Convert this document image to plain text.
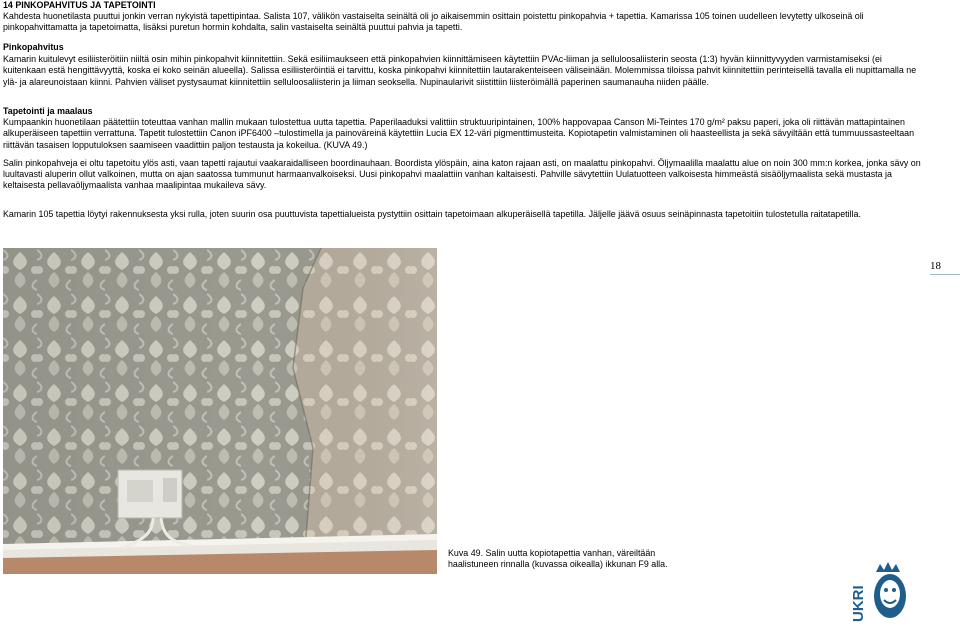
14 PINKOPAHVITUS JA TAPETOINTI

Kahdesta huonetilasta puuttui jonkin verran nykyistä tapettipintaa. Salista 107, välikön vastaiselta seinältä oli jo aikaisemmin osittain poistettu pinkopahvia + tapettia. Kamarissa 105 toinen uudelleen levytetty ulkoseinä oli pinkopahvittamatta ja tapetoimatta, lisäksi puretun hormin kohdalta, salin vastaiselta seinältä puuttui pahvia ja tapetti.

Pinkopahvitus

Kamarin kuitulevyt esiliisteröitiin niiltä osin mihin pinkopahvit kiinnitettiin. Sekä esiliimaukseen että pinkopahvien kiinnittämiseen käytettiin PVAc-liiman ja selluloosaliisterin seosta (1:3) hyvän kiinnittyvyyden varmistamiseksi (ei kuitenkaan estä hengittävyyttä, koska ei koko seinän alueella). Salissa esiliisteröintiä ei tarvittu, koska pinkopahvi kiinnitettiin lautarakenteiseen väliseinään. Molemmissa tiloissa pahvit kiinnitettiin perinteisellä tavalla eli nupittamalla ne ylä- ja alareunoistaan kiinni. Pahvien väliset pystysaumat kiinnitettiin selluloosaliisterin ja liiman seoksella. Nupinaularivit siistittiin liisteröimällä paperinen saumanauha niiden päälle.

Tapetointi ja maalaus

Kumpaankin huonetilaan päätettiin toteuttaa vanhan mallin mukaan tulostettua uutta tapettia. Paperilaaduksi valittiin struktuuripintainen, 100% happovapaa Canson Mi-Teintes 170 g/m² paksu paperi, joka oli riittävän mattapintainen alkuperäiseen tapettiin verrattuna. Tapetit tulostettiin Canon iPF6400 –tulostimella ja painoväreinä käytettiin Lucia EX 12-väri pigmenttimusteita. Kopiotapetin valmistaminen oli haasteellista ja sekä sävyiltään että tummuussasteeltaan riittävän tasaisen lopputuloksen saamiseen vaadittiin paljon testausta ja kokeilua. (KUVA 49.)

Salin pinkopahveja ei oltu tapetoitu ylös asti, vaan tapetti rajautui vaakaraidalliseen boordinauhaan. Boordista ylöspäin, aina katon rajaan asti, on maalattu pinkopahvi. Öljymaalilla maalattu alue on noin 300 mm:n korkea, jonka sävy on luultavasti aluperin ollut valkoinen, mutta on ajan saatossa tummunut harmaanvalkoiseksi. Uusi pinkopahvi maalattiin vanhan kaltaisesti. Pahville sävytettiin Uulatuotteen valkoisesta himmeästä sisäöljymaalista sekä mustasta ja keltaisesta pellavaöljymaalista vanhaa maalipintaa mukaileva sävy.

Kamarin 105 tapettia löytyi rakennuksesta yksi rulla, joten suurin osa puuttuvista tapettialueista pystyttiin osittain tapetoimaan alkuperäisellä tapetilla. Jäljelle jäävä osuus seinäpinnasta tapetoitiin tulostetulla raitatapetilla.

Kuva 49. Salin uutta kopiotapettia vanhan, väreiltään haalistuneen rinnalla (kuvassa oikealla) ikkunan F9 alla.
18
UKRI
